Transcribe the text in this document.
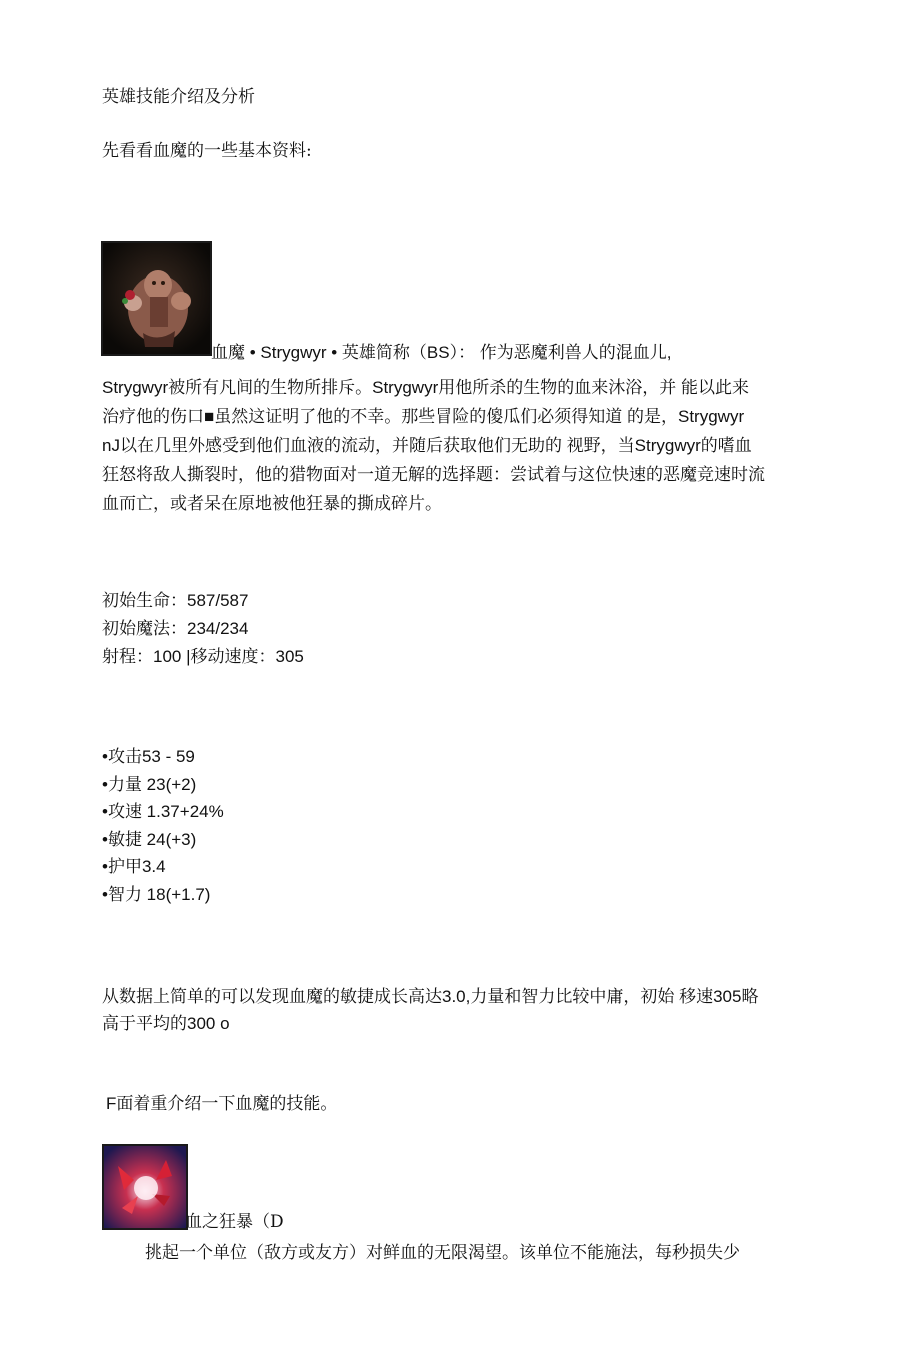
英雄技能介绍及分析
先看看血魔的一些基本资料:
血魔 • Strygwyr • 英雄简称（BS）： 作为恶魔利兽人的混血儿,
Strygwyr被所有凡间的生物所排斥。Strygwyr用他所杀的生物的血来沐浴，并 能以此来
治疗他的伤口■虽然这证明了他的不幸。那些冒险的傻瓜们必须得知道 的是，Strygwyr
nJ以在几里外感受到他们血液的流动，并随后获取他们无助的 视野，当Strygwyr的嗜血
狂怒将敌人撕裂时，他的猎物面对一道无解的选择题：尝试着与这位快速的恶魔竞速时流
血而亡，或者呆在原地被他狂暴的撕成碎片。
初始生命：587/587
初始魔法：234/234
射程：100 |移动速度：305
•攻击53 - 59
•力量 23(+2)
•攻速 1.37+24%
•敏捷 24(+3)
•护甲3.4
•智力 18(+1.7)
从数据上简单的可以发现血魔的敏捷成长高达3.0,力量和智力比较中庸，初始 移速305略
高于平均的300 o
F面着重介绍一下血魔的技能。
血之狂暴（D
挑起一个单位（敌方或友方）对鲜血的无限渴望。该单位不能施法，每秒损失少
